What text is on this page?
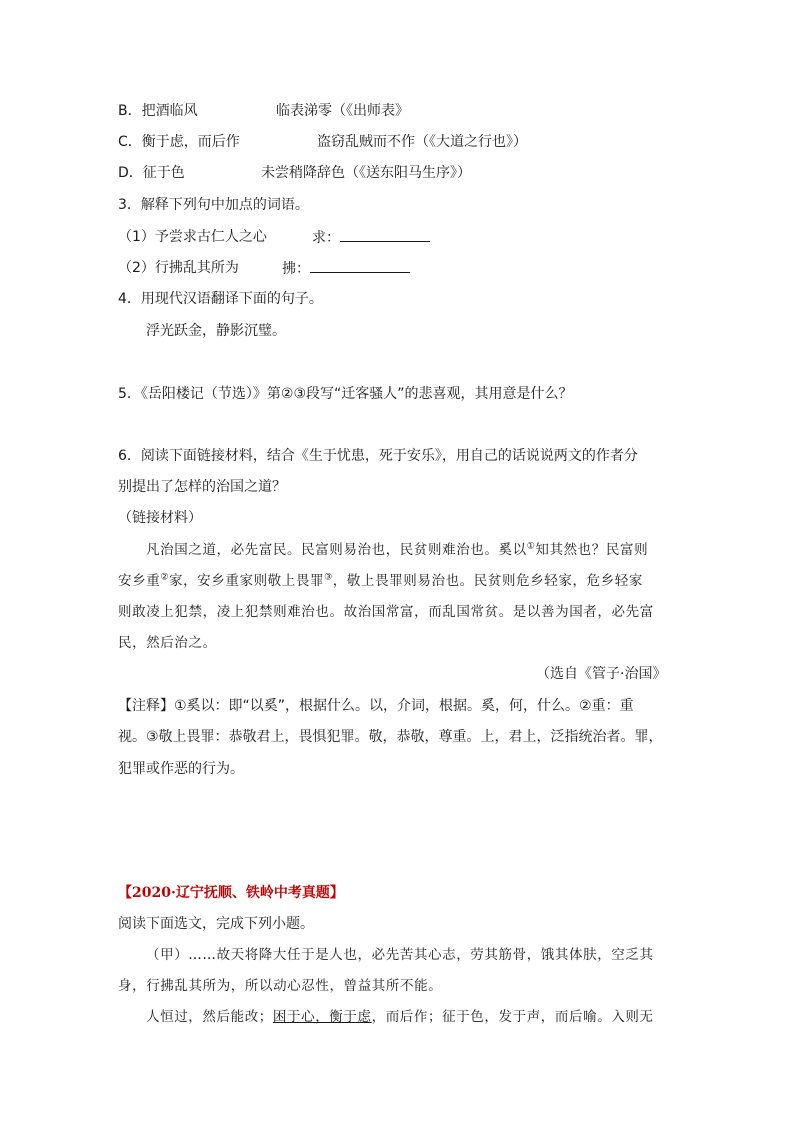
B．把酒临风	临表涕零（《出师表》
C．衡于虑，而后作	盗窃乱贼而不作（《大道之行也》）
D．征于色	未尝稍降辞色（《送东阳马生序》）
3．解释下列句中加点的词语。
（1）予尝求古仁人之心	求：
（2）行拂乱其所为	拂：
4．用现代汉语翻译下面的句子。
浮光跃金，静影沉璧。
5．《岳阳楼记（节选）》第②③段写“迁客骚人”的悲喜观，其用意是什么？
6．阅读下面链接材料，结合《生于忧患，死于安乐》，用自己的话说说两文的作者分
别提出了怎样的治国之道？
（链接材料）
凡治国之道，必先富民。民富则易治也，民贫则难治也。奚以①知其然也？民富则
安乡重②家，安乡重家则敬上畏罪③，敬上畏罪则易治也。民贫则危乡轻家，危乡轻家
则敢凌上犯禁，凌上犯禁则难治也。故治国常富，而乱国常贫。是以善为国者，必先富
民，然后治之。
（选自《管子·治国》
【注释】①奚以：即“以奚”，根据什么。以，介词，根据。奚，何，什么。②重：重
视。③敬上畏罪：恭敬君上，畏惧犯罪。敬，恭敬，尊重。上，君上，泛指统治者。罪，
犯罪或作恶的行为。
【2020·辽宁抚顺、铁岭中考真题】
阅读下面选文，完成下列小题。
（甲）……故天将降大任于是人也，必先苦其心志，劳其筋骨，饿其体肤，空乏其
身，行拂乱其所为，所以动心忍性，曾益其所不能。
人恒过，然后能改；困于心，衡于虑，而后作；征于色，发于声，而后喻。入则无
